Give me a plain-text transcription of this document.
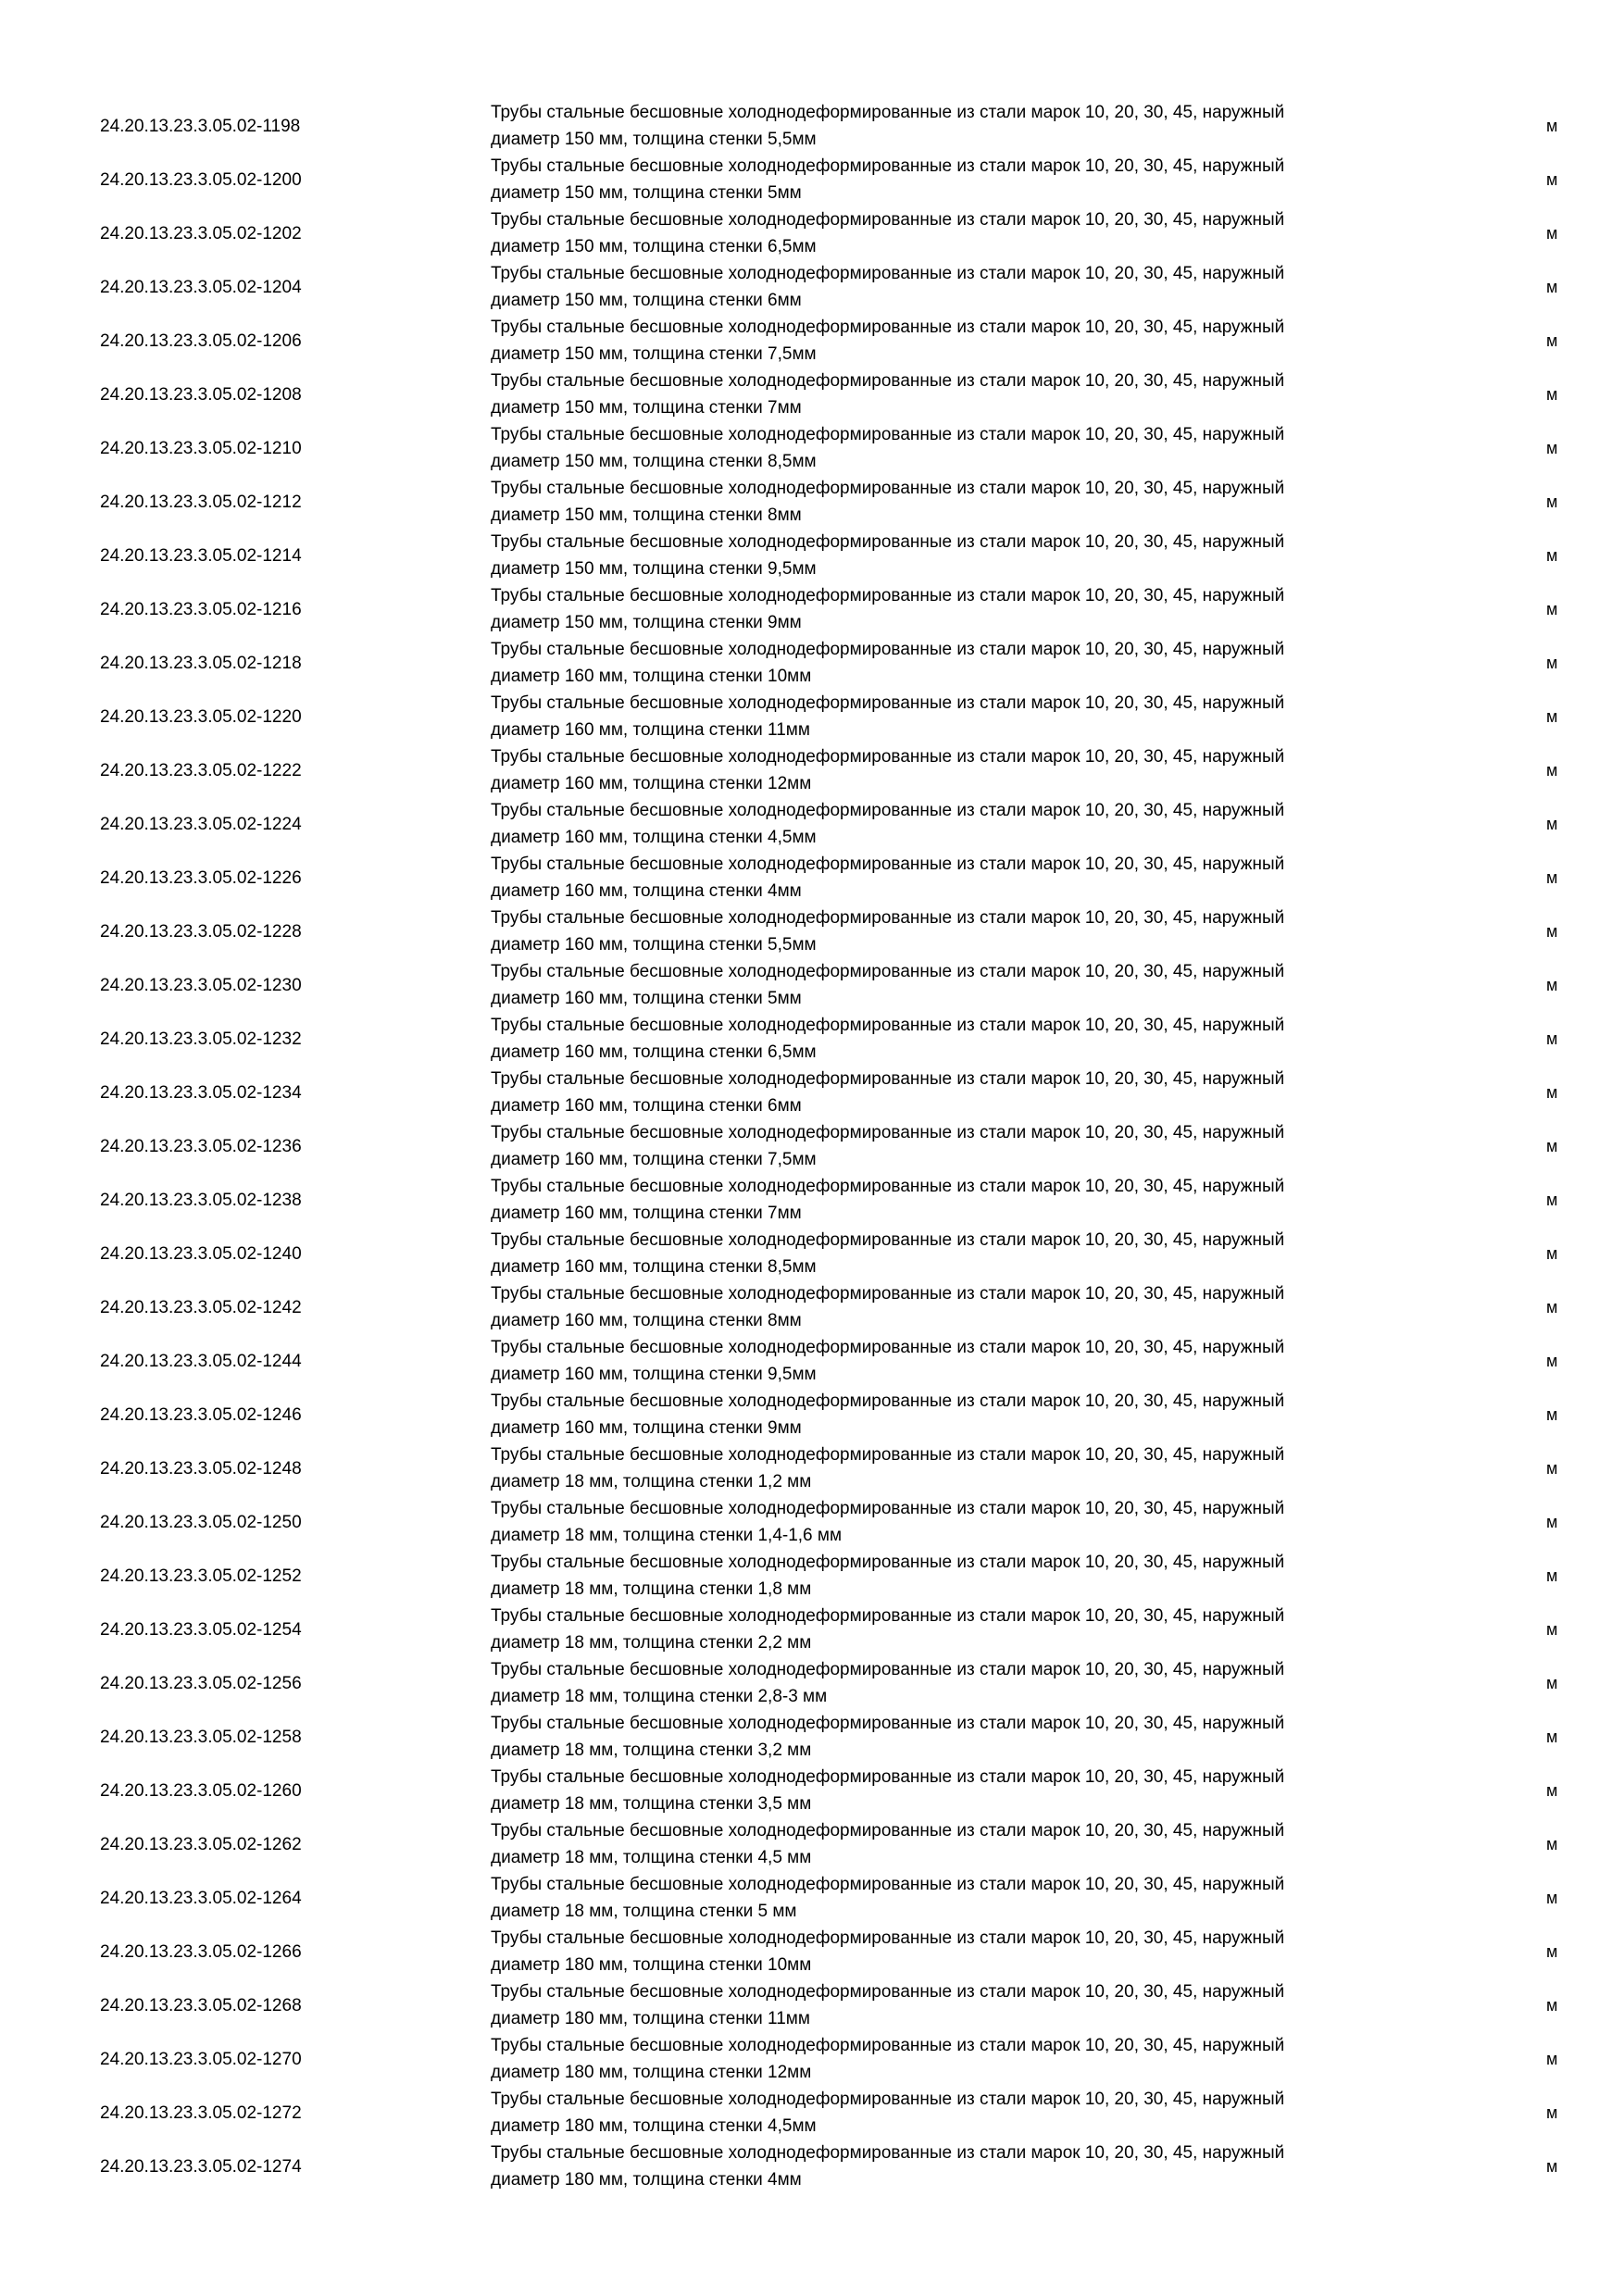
24.20.13.23.3.05.02-1198	Трубы стальные бесшовные холоднодеформированные из стали марок 10, 20, 30, 45, наружный
диаметр 150 мм, толщина стенки 5,5мм	м
24.20.13.23.3.05.02-1200	Трубы стальные бесшовные холоднодеформированные из стали марок 10, 20, 30, 45, наружный
диаметр 150 мм, толщина стенки 5мм	м
24.20.13.23.3.05.02-1202	Трубы стальные бесшовные холоднодеформированные из стали марок 10, 20, 30, 45, наружный
диаметр 150 мм, толщина стенки 6,5мм	м
24.20.13.23.3.05.02-1204	Трубы стальные бесшовные холоднодеформированные из стали марок 10, 20, 30, 45, наружный
диаметр 150 мм, толщина стенки 6мм	м
24.20.13.23.3.05.02-1206	Трубы стальные бесшовные холоднодеформированные из стали марок 10, 20, 30, 45, наружный
диаметр 150 мм, толщина стенки 7,5мм	м
24.20.13.23.3.05.02-1208	Трубы стальные бесшовные холоднодеформированные из стали марок 10, 20, 30, 45, наружный
диаметр 150 мм, толщина стенки 7мм	м
24.20.13.23.3.05.02-1210	Трубы стальные бесшовные холоднодеформированные из стали марок 10, 20, 30, 45, наружный
диаметр 150 мм, толщина стенки 8,5мм	м
24.20.13.23.3.05.02-1212	Трубы стальные бесшовные холоднодеформированные из стали марок 10, 20, 30, 45, наружный
диаметр 150 мм, толщина стенки 8мм	м
24.20.13.23.3.05.02-1214	Трубы стальные бесшовные холоднодеформированные из стали марок 10, 20, 30, 45, наружный
диаметр 150 мм, толщина стенки 9,5мм	м
24.20.13.23.3.05.02-1216	Трубы стальные бесшовные холоднодеформированные из стали марок 10, 20, 30, 45, наружный
диаметр 150 мм, толщина стенки 9мм	м
24.20.13.23.3.05.02-1218	Трубы стальные бесшовные холоднодеформированные из стали марок 10, 20, 30, 45, наружный
диаметр 160 мм, толщина стенки 10мм	м
24.20.13.23.3.05.02-1220	Трубы стальные бесшовные холоднодеформированные из стали марок 10, 20, 30, 45, наружный
диаметр 160 мм, толщина стенки 11мм	м
24.20.13.23.3.05.02-1222	Трубы стальные бесшовные холоднодеформированные из стали марок 10, 20, 30, 45, наружный
диаметр 160 мм, толщина стенки 12мм	м
24.20.13.23.3.05.02-1224	Трубы стальные бесшовные холоднодеформированные из стали марок 10, 20, 30, 45, наружный
диаметр 160 мм, толщина стенки 4,5мм	м
24.20.13.23.3.05.02-1226	Трубы стальные бесшовные холоднодеформированные из стали марок 10, 20, 30, 45, наружный
диаметр 160 мм, толщина стенки 4мм	м
24.20.13.23.3.05.02-1228	Трубы стальные бесшовные холоднодеформированные из стали марок 10, 20, 30, 45, наружный
диаметр 160 мм, толщина стенки 5,5мм	м
24.20.13.23.3.05.02-1230	Трубы стальные бесшовные холоднодеформированные из стали марок 10, 20, 30, 45, наружный
диаметр 160 мм, толщина стенки 5мм	м
24.20.13.23.3.05.02-1232	Трубы стальные бесшовные холоднодеформированные из стали марок 10, 20, 30, 45, наружный
диаметр 160 мм, толщина стенки 6,5мм	м
24.20.13.23.3.05.02-1234	Трубы стальные бесшовные холоднодеформированные из стали марок 10, 20, 30, 45, наружный
диаметр 160 мм, толщина стенки 6мм	м
24.20.13.23.3.05.02-1236	Трубы стальные бесшовные холоднодеформированные из стали марок 10, 20, 30, 45, наружный
диаметр 160 мм, толщина стенки 7,5мм	м
24.20.13.23.3.05.02-1238	Трубы стальные бесшовные холоднодеформированные из стали марок 10, 20, 30, 45, наружный
диаметр 160 мм, толщина стенки 7мм	м
24.20.13.23.3.05.02-1240	Трубы стальные бесшовные холоднодеформированные из стали марок 10, 20, 30, 45, наружный
диаметр 160 мм, толщина стенки 8,5мм	м
24.20.13.23.3.05.02-1242	Трубы стальные бесшовные холоднодеформированные из стали марок 10, 20, 30, 45, наружный
диаметр 160 мм, толщина стенки 8мм	м
24.20.13.23.3.05.02-1244	Трубы стальные бесшовные холоднодеформированные из стали марок 10, 20, 30, 45, наружный
диаметр 160 мм, толщина стенки 9,5мм	м
24.20.13.23.3.05.02-1246	Трубы стальные бесшовные холоднодеформированные из стали марок 10, 20, 30, 45, наружный
диаметр 160 мм, толщина стенки 9мм	м
24.20.13.23.3.05.02-1248	Трубы стальные бесшовные холоднодеформированные из стали марок 10, 20, 30, 45, наружный
диаметр 18 мм, толщина стенки 1,2 мм	м
24.20.13.23.3.05.02-1250	Трубы стальные бесшовные холоднодеформированные из стали марок 10, 20, 30, 45, наружный
диаметр 18 мм, толщина стенки 1,4-1,6 мм	м
24.20.13.23.3.05.02-1252	Трубы стальные бесшовные холоднодеформированные из стали марок 10, 20, 30, 45, наружный
диаметр 18 мм, толщина стенки 1,8 мм	м
24.20.13.23.3.05.02-1254	Трубы стальные бесшовные холоднодеформированные из стали марок 10, 20, 30, 45, наружный
диаметр 18 мм, толщина стенки 2,2 мм	м
24.20.13.23.3.05.02-1256	Трубы стальные бесшовные холоднодеформированные из стали марок 10, 20, 30, 45, наружный
диаметр 18 мм, толщина стенки 2,8-3 мм	м
24.20.13.23.3.05.02-1258	Трубы стальные бесшовные холоднодеформированные из стали марок 10, 20, 30, 45, наружный
диаметр 18 мм, толщина стенки 3,2 мм	м
24.20.13.23.3.05.02-1260	Трубы стальные бесшовные холоднодеформированные из стали марок 10, 20, 30, 45, наружный
диаметр 18 мм, толщина стенки 3,5 мм	м
24.20.13.23.3.05.02-1262	Трубы стальные бесшовные холоднодеформированные из стали марок 10, 20, 30, 45, наружный
диаметр 18 мм, толщина стенки 4,5 мм	м
24.20.13.23.3.05.02-1264	Трубы стальные бесшовные холоднодеформированные из стали марок 10, 20, 30, 45, наружный
диаметр 18 мм, толщина стенки 5 мм	м
24.20.13.23.3.05.02-1266	Трубы стальные бесшовные холоднодеформированные из стали марок 10, 20, 30, 45, наружный
диаметр 180 мм, толщина стенки 10мм	м
24.20.13.23.3.05.02-1268	Трубы стальные бесшовные холоднодеформированные из стали марок 10, 20, 30, 45, наружный
диаметр 180 мм, толщина стенки 11мм	м
24.20.13.23.3.05.02-1270	Трубы стальные бесшовные холоднодеформированные из стали марок 10, 20, 30, 45, наружный
диаметр 180 мм, толщина стенки 12мм	м
24.20.13.23.3.05.02-1272	Трубы стальные бесшовные холоднодеформированные из стали марок 10, 20, 30, 45, наружный
диаметр 180 мм, толщина стенки 4,5мм	м
24.20.13.23.3.05.02-1274	Трубы стальные бесшовные холоднодеформированные из стали марок 10, 20, 30, 45, наружный
диаметр 180 мм, толщина стенки 4мм	м
